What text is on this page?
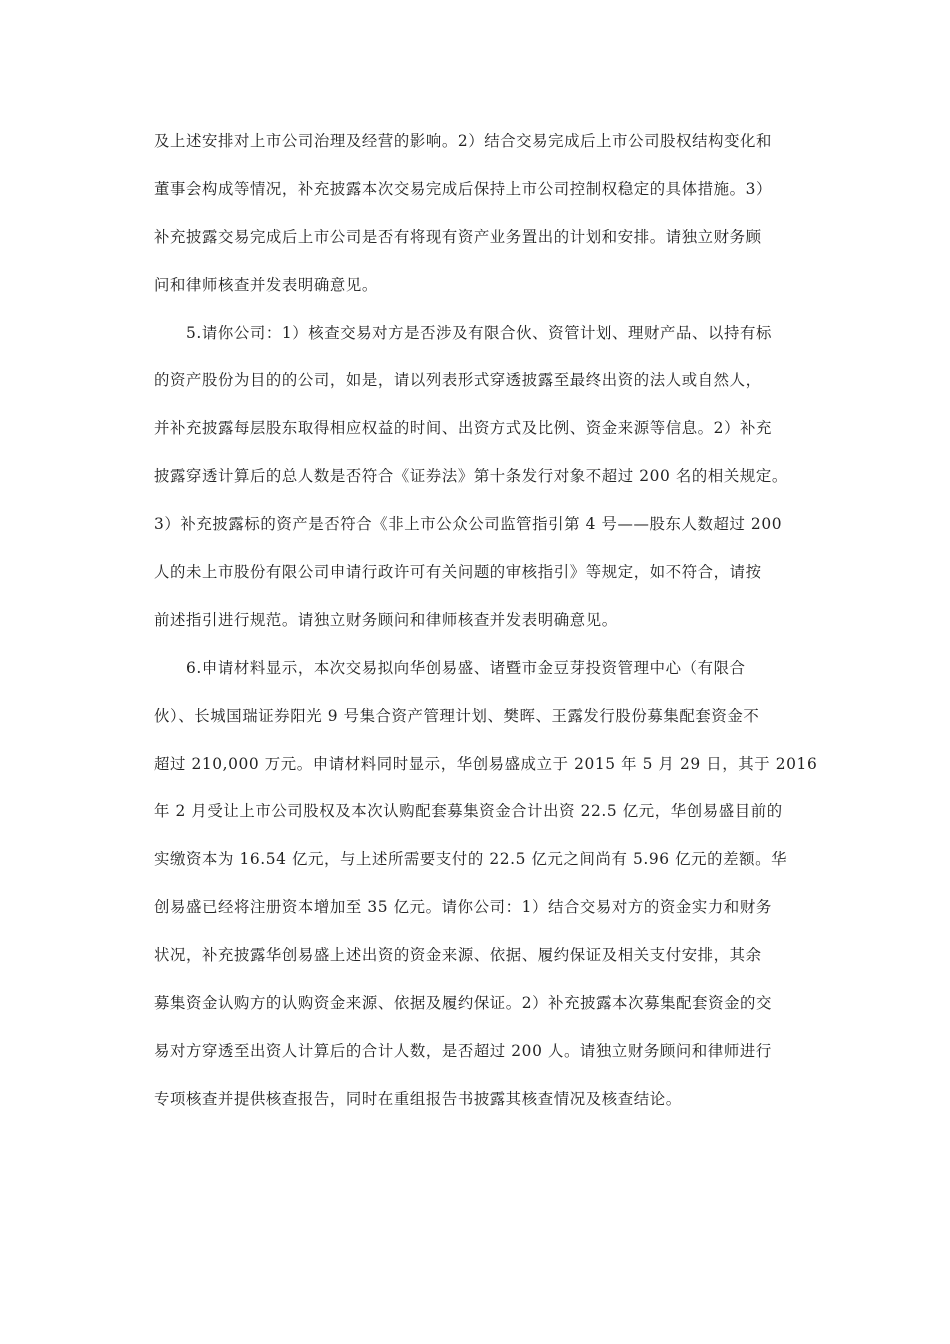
及上述安排对上市公司治理及经营的影响。2）结合交易完成后上市公司股权结构变化和
董事会构成等情况，补充披露本次交易完成后保持上市公司控制权稳定的具体措施。3）
补充披露交易完成后上市公司是否有将现有资产业务置出的计划和安排。请独立财务顾
问和律师核查并发表明确意见。
5.请你公司：1）核查交易对方是否涉及有限合伙、资管计划、理财产品、以持有标
的资产股份为目的的公司，如是，请以列表形式穿透披露至最终出资的法人或自然人，
并补充披露每层股东取得相应权益的时间、出资方式及比例、资金来源等信息。2）补充
披露穿透计算后的总人数是否符合《证券法》第十条发行对象不超过 200 名的相关规定。
3）补充披露标的资产是否符合《非上市公众公司监管指引第 4 号——股东人数超过 200
人的未上市股份有限公司申请行政许可有关问题的审核指引》等规定，如不符合，请按
前述指引进行规范。请独立财务顾问和律师核查并发表明确意见。
6.申请材料显示，本次交易拟向华创易盛、诸暨市金豆芽投资管理中心（有限合
伙）、长城国瑞证券阳光 9 号集合资产管理计划、樊晖、王露发行股份募集配套资金不
超过 210,000 万元。申请材料同时显示，华创易盛成立于 2015 年 5 月 29 日，其于 2016
年 2 月受让上市公司股权及本次认购配套募集资金合计出资 22.5 亿元，华创易盛目前的
实缴资本为 16.54 亿元，与上述所需要支付的 22.5 亿元之间尚有 5.96 亿元的差额。华
创易盛已经将注册资本增加至 35 亿元。请你公司：1）结合交易对方的资金实力和财务
状况，补充披露华创易盛上述出资的资金来源、依据、履约保证及相关支付安排，其余
募集资金认购方的认购资金来源、依据及履约保证。2）补充披露本次募集配套资金的交
易对方穿透至出资人计算后的合计人数，是否超过 200 人。请独立财务顾问和律师进行
专项核查并提供核查报告，同时在重组报告书披露其核查情况及核查结论。
